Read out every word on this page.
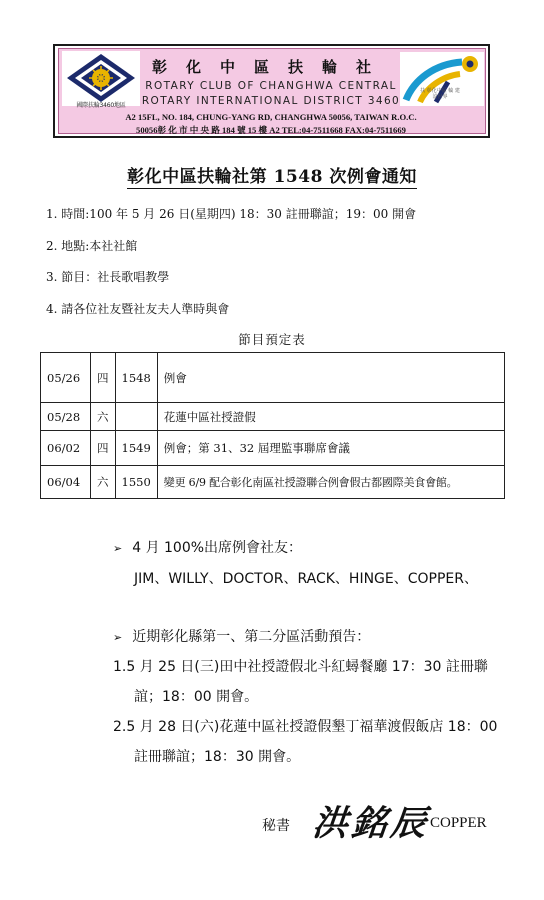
國際扶輪3460地區
扶 彰化中區 輪 建設世界
彰化中區扶輪社
ROTARY CLUB OF CHANGHWA CENTRAL
ROTARY INTERNATIONAL DISTRICT 3460
A2 15FL, NO. 184, CHUNG-YANG RD, CHANGHWA 50056, TAIWAN R.O.C.
50056彰 化 市 中 央 路 184 號 15 樓 A2 TEL:04-7511668 FAX:04-7511669
彰化中區扶輪社第 1548 次例會通知
1. 時間:100 年 5 月 26 日(星期四) 18：30 註冊聯誼；19：00 開會
2. 地點:本社社館
3. 節目：社長歌唱教學
4. 請各位社友暨社友夫人準時與會
節目預定表
05/26	四	1548	例會
05/28	六		花蓮中區社授證假
06/02	四	1549	例會；第 31、32 屆理監事聯席會議
06/04	六	1550	變更 6/9 配合彰化南區社授證聯合例會假古都國際美食會館。
➢ 4 月 100%出席例會社友：
JIM、WILLY、DOCTOR、RACK、HINGE、COPPER、
➢ 近期彰化縣第一、第二分區活動預告：
1.5 月 25 日(三)田中社授證假北斗紅蟳餐廳 17：30 註冊聯
誼；18：00 開會。
2.5 月 28 日(六)花蓮中區社授證假墾丁福華渡假飯店 18：00
註冊聯誼；18：30 開會。
秘書 洪銘辰
COPPER
